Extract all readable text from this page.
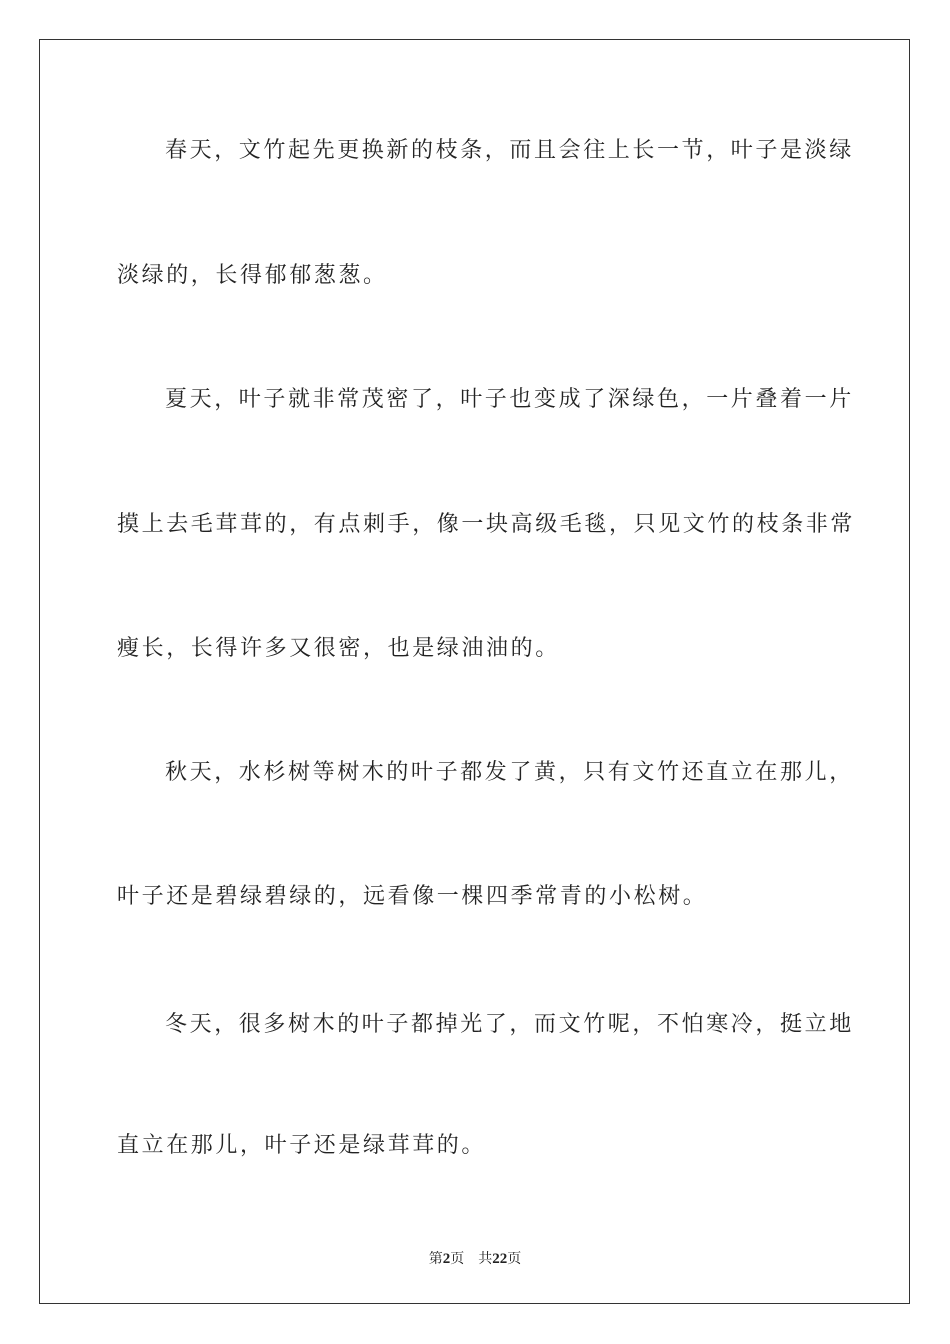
春天，文竹起先更换新的枝条，而且会往上长一节，叶子是淡绿
淡绿的，长得郁郁葱葱。
夏天，叶子就非常茂密了，叶子也变成了深绿色，一片叠着一片
摸上去毛茸茸的，有点刺手，像一块高级毛毯，只见文竹的枝条非常
瘦长，长得许多又很密，也是绿油油的。
秋天，水杉树等树木的叶子都发了黄，只有文竹还直立在那儿，
叶子还是碧绿碧绿的，远看像一棵四季常青的小松树。
冬天，很多树木的叶子都掉光了，而文竹呢，不怕寒冷，挺立地
直立在那儿，叶子还是绿茸茸的。
第2页 共22页
